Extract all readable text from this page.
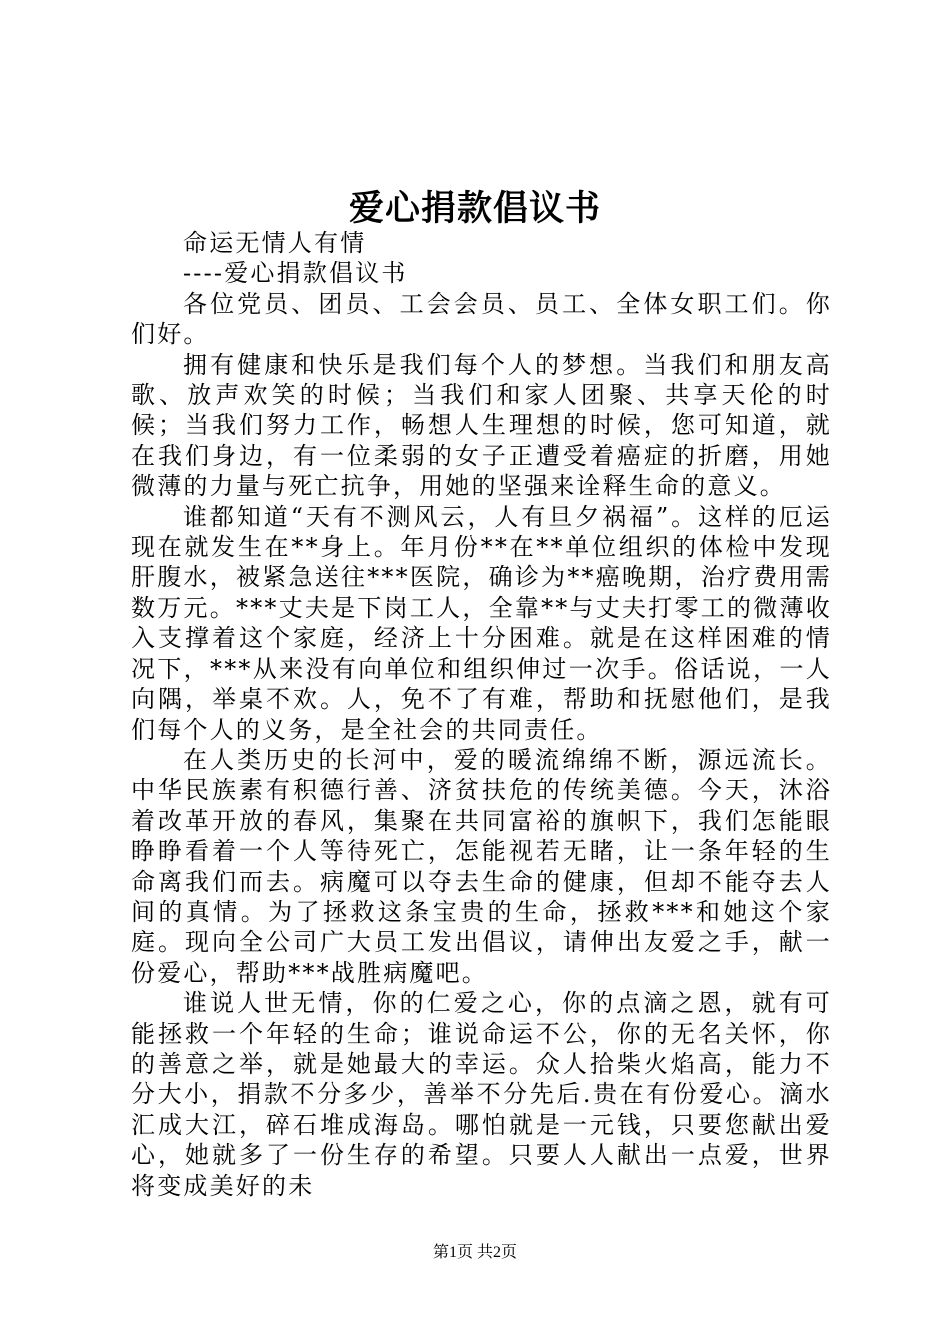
爱心捐款倡议书

命运无情人有情

----爱心捐款倡议书

各位党员、团员、工会会员、员工、全体女职工们。你们好。

拥有健康和快乐是我们每个人的梦想。当我们和朋友高歌、放声欢笑的时候；当我们和家人团聚、共享天伦的时候；当我们努力工作，畅想人生理想的时候，您可知道，就在我们身边，有一位柔弱的女子正遭受着癌症的折磨，用她微薄的力量与死亡抗争，用她的坚强来诠释生命的意义。

谁都知道“天有不测风云，人有旦夕祸福”。这样的厄运现在就发生在**身上。年月份**在**单位组织的体检中发现肝腹水，被紧急送往***医院，确诊为**癌晚期，治疗费用需数万元。***丈夫是下岗工人，全靠**与丈夫打零工的微薄收入支撑着这个家庭，经济上十分困难。就是在这样困难的情况下，***从来没有向单位和组织伸过一次手。俗话说，一人向隅，举桌不欢。人，免不了有难，帮助和抚慰他们，是我们每个人的义务，是全社会的共同责任。

在人类历史的长河中，爱的暖流绵绵不断，源远流长。中华民族素有积德行善、济贫扶危的传统美德。今天，沐浴着改革开放的春风，集聚在共同富裕的旗帜下，我们怎能眼睁睁看着一个人等待死亡，怎能视若无睹，让一条年轻的生命离我们而去。病魔可以夺去生命的健康，但却不能夺去人间的真情。为了拯救这条宝贵的生命，拯救***和她这个家庭。现向全公司广大员工发出倡议，请伸出友爱之手，献一份爱心，帮助***战胜病魔吧。

谁说人世无情，你的仁爱之心，你的点滴之恩，就有可能拯救一个年轻的生命；谁说命运不公，你的无名关怀，你的善意之举，就是她最大的幸运。众人拾柴火焰高，能力不分大小，捐款不分多少，善举不分先后.贵在有份爱心。滴水汇成大江，碎石堆成海岛。哪怕就是一元钱，只要您献出爱心，她就多了一份生存的希望。只要人人献出一点爱，世界将变成美好的未

第1页 共2页
